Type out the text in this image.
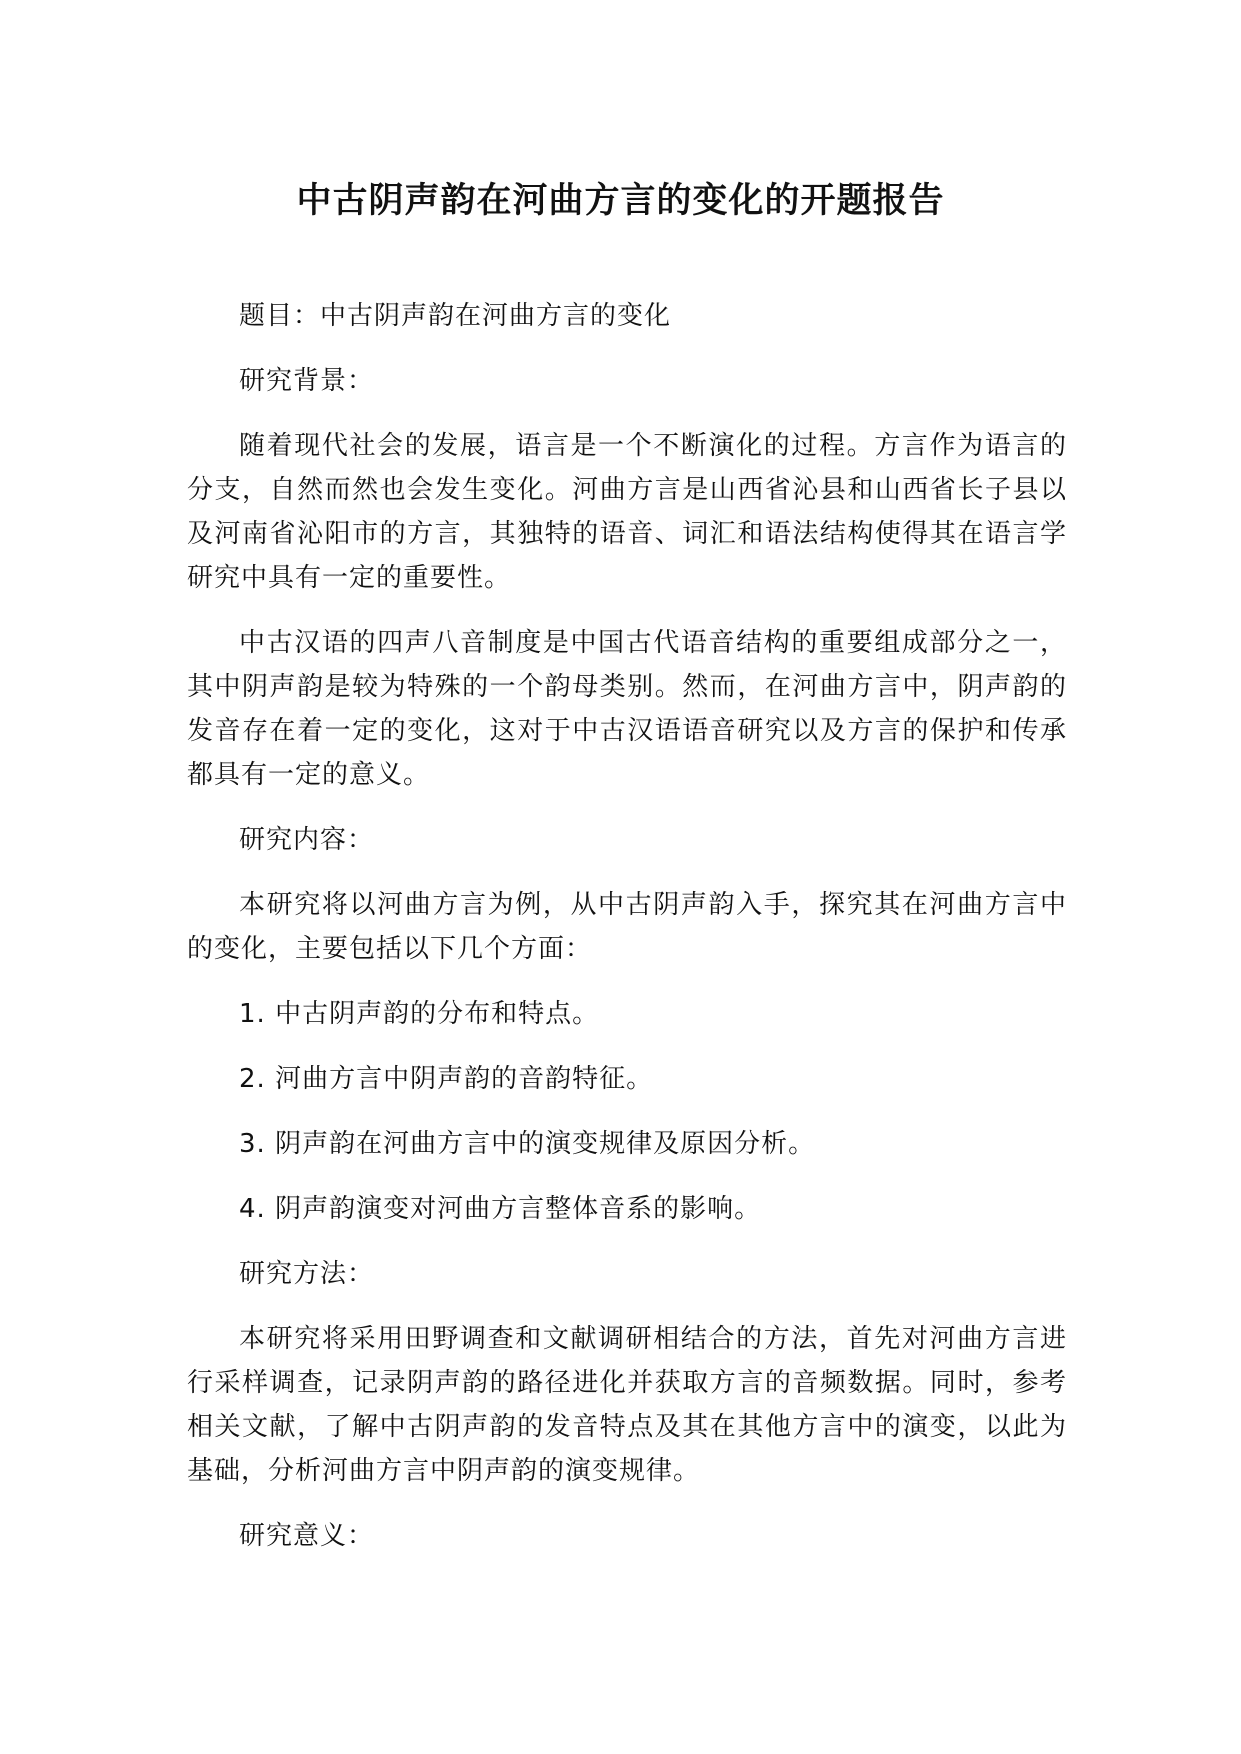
中古阴声韵在河曲方言的变化的开题报告

题目：中古阴声韵在河曲方言的变化

研究背景：

随着现代社会的发展，语言是一个不断演化的过程。方言作为语言的分支，自然而然也会发生变化。河曲方言是山西省沁县和山西省长子县以及河南省沁阳市的方言，其独特的语音、词汇和语法结构使得其在语言学研究中具有一定的重要性。

中古汉语的四声八音制度是中国古代语音结构的重要组成部分之一，其中阴声韵是较为特殊的一个韵母类别。然而，在河曲方言中，阴声韵的发音存在着一定的变化，这对于中古汉语语音研究以及方言的保护和传承都具有一定的意义。

研究内容：

本研究将以河曲方言为例，从中古阴声韵入手，探究其在河曲方言中的变化，主要包括以下几个方面：

1. 中古阴声韵的分布和特点。

2. 河曲方言中阴声韵的音韵特征。

3. 阴声韵在河曲方言中的演变规律及原因分析。

4. 阴声韵演变对河曲方言整体音系的影响。

研究方法：

本研究将采用田野调查和文献调研相结合的方法，首先对河曲方言进行采样调查，记录阴声韵的路径进化并获取方言的音频数据。同时，参考相关文献，了解中古阴声韵的发音特点及其在其他方言中的演变，以此为基础，分析河曲方言中阴声韵的演变规律。

研究意义：
